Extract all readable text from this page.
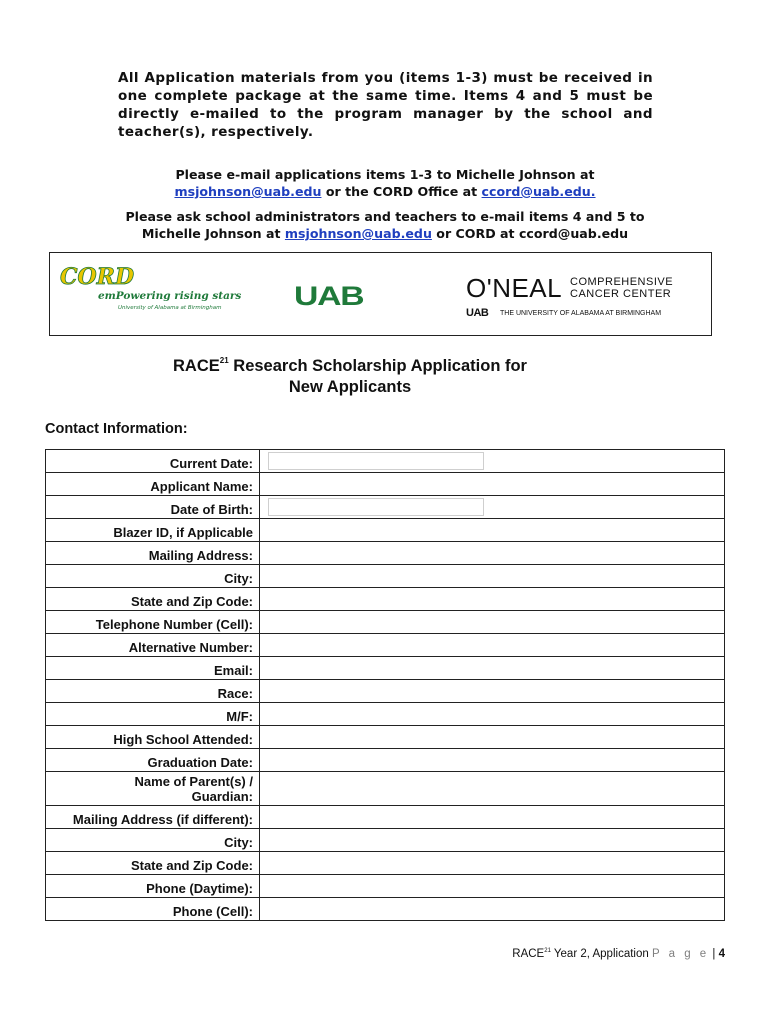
All Application materials from you (items 1-3) must be received in one complete package at the same time. Items 4 and 5 must be directly e-mailed to the program manager by the school and teacher(s), respectively.
Please e-mail applications items 1-3 to Michelle Johnson at
msjohnson@uab.edu or the CORD Office at ccord@uab.edu.
Please ask school administrators and teachers to e-mail items 4 and 5 to
Michelle Johnson at msjohnson@uab.edu or CORD at ccord@uab.edu
CORD
emPowering rising stars
University of Alabama at Birmingham	UAB	O'NEAL COMPREHENSIVE
CANCER CENTER
UAB THE UNIVERSITY OF ALABAMA AT BIRMINGHAM
RACE$^{21}$ Research Scholarship Application for
New Applicants
Contact Information:
Current Date:	

Applicant Name:	
Date of Birth:	

Blazer ID, if Applicable	
Mailing Address:	
City:	
State and Zip Code:	
Telephone Number (Cell):	
Alternative Number:	
Email:	
Race:	
M/F:	
High School Attended:	
Graduation Date:	
Name of Parent(s) /
Guardian:	
Mailing Address (if different):	
City:	
State and Zip Code:	
Phone (Daytime):	
Phone (Cell):	
RACE$^{21}$ Year 2, Application P a g e | 4
